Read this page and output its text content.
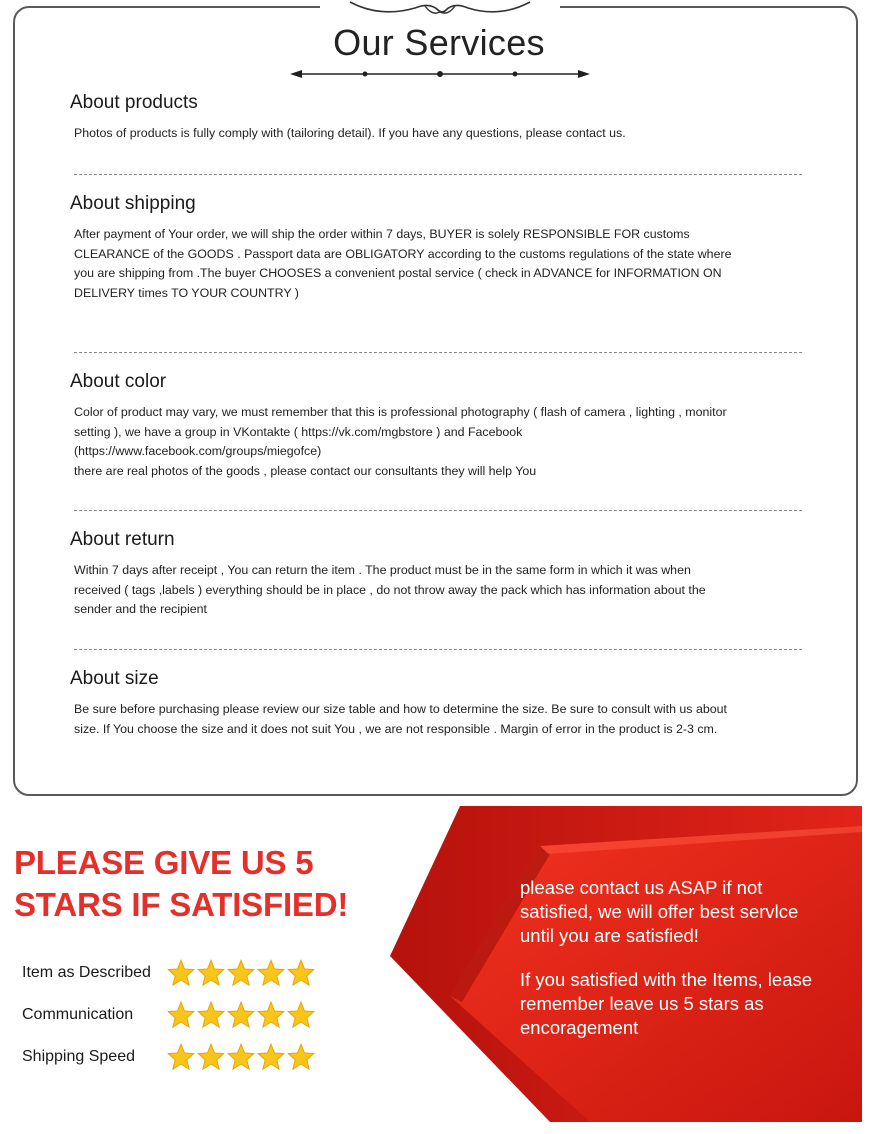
Our Services
About products
Photos of products is fully comply with (tailoring detail). If you have any questions, please contact us.
About shipping
After payment of Your order, we will ship the order within 7 days, BUYER is solely RESPONSIBLE FOR customs
CLEARANCE of the GOODS . Passport data are OBLIGATORY according to the customs regulations of the state where
you are shipping from .The buyer CHOOSES a convenient postal service ( check in ADVANCE for INFORMATION ON
DELIVERY times TO YOUR COUNTRY )
About color
Color of product may vary, we must remember that this is professional photography ( flash of camera , lighting , monitor
setting ), we have a group in VKontakte ( https://vk.com/mgbstore ) and Facebook
(https://www.facebook.com/groups/miegofce)
there are real photos of the goods , please contact our consultants they will help You
About return
Within 7 days after receipt , You can return the item . The product must be in the same form in which it was when
received ( tags ,labels ) everything should be in place , do not throw away the pack which has information about the
sender and the recipient
About size
Be sure before purchasing please review our size table and how to determine the size. Be sure to consult with us about
size. If You choose the size and it does not suit You , we are not responsible . Margin of error in the product is 2-3 cm.
PLEASE GIVE US 5
STARS IF SATISFIED!
Item as Described
Communication
Shipping Speed
please contact us ASAP if not
satisfied, we will offer best servlce
until you are satisfied!
If you satisfied with the Items, lease
remember leave us 5 stars as
encoragement
